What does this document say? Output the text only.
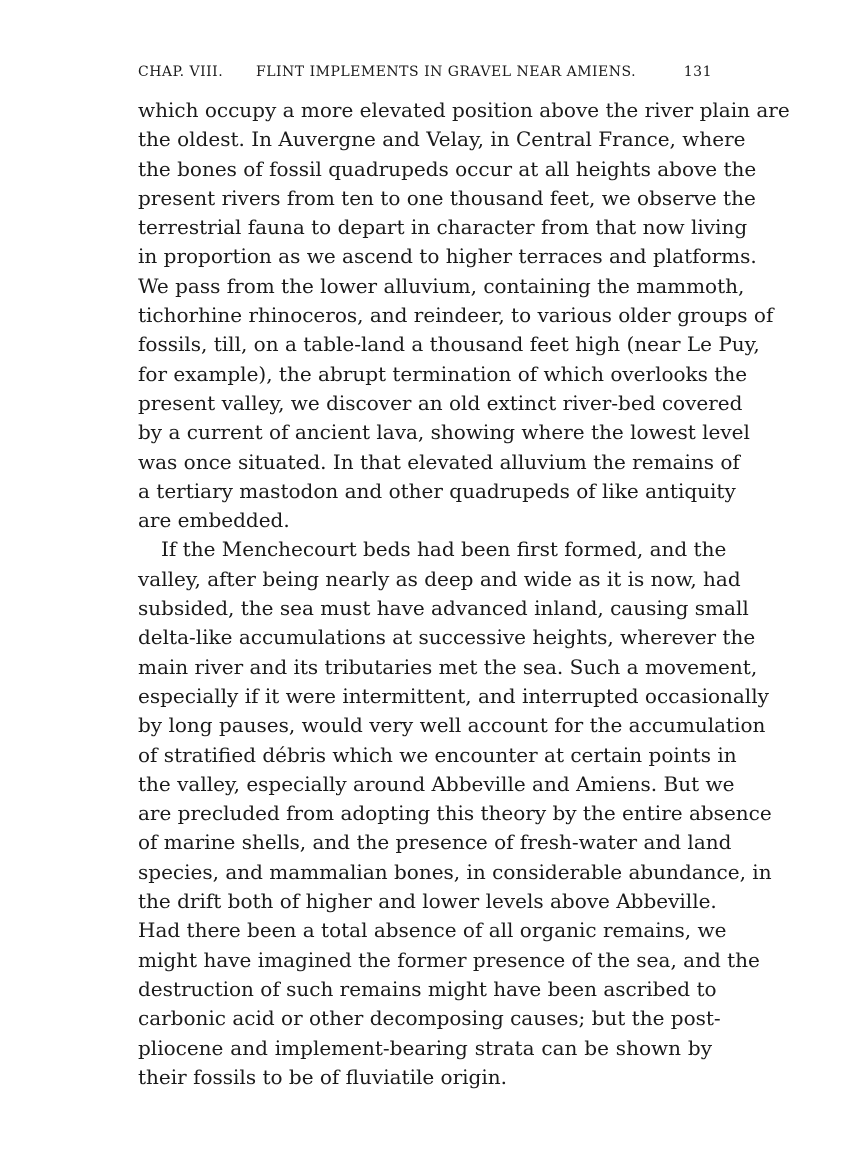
CHAP. VIII. FLINT IMPLEMENTS IN GRAVEL NEAR AMIENS.	131
which occupy a more elevated position above the river plain are
the oldest. In Auvergne and Velay, in Central France, where
the bones of fossil quadrupeds occur at all heights above the
present rivers from ten to one thousand feet, we observe the
terrestrial fauna to depart in character from that now living
in proportion as we ascend to higher terraces and platforms.
We pass from the lower alluvium, containing the mammoth,
tichorhine rhinoceros, and reindeer, to various older groups of
fossils, till, on a table-land a thousand feet high (near Le Puy,
for example), the abrupt termination of which overlooks the
present valley, we discover an old extinct river-bed covered
by a current of ancient lava, showing where the lowest level
was once situated. In that elevated alluvium the remains of
a tertiary mastodon and other quadrupeds of like antiquity
are embedded.
If the Menchecourt beds had been first formed, and the
valley, after being nearly as deep and wide as it is now, had
subsided, the sea must have advanced inland, causing small
delta-like accumulations at successive heights, wherever the
main river and its tributaries met the sea. Such a movement,
especially if it were intermittent, and interrupted occasionally
by long pauses, would very well account for the accumulation
of stratified débris which we encounter at certain points in
the valley, especially around Abbeville and Amiens. But we
are precluded from adopting this theory by the entire absence
of marine shells, and the presence of fresh-water and land
species, and mammalian bones, in considerable abundance, in
the drift both of higher and lower levels above Abbeville.
Had there been a total absence of all organic remains, we
might have imagined the former presence of the sea, and the
destruction of such remains might have been ascribed to
carbonic acid or other decomposing causes; but the post-
pliocene and implement-bearing strata can be shown by
their fossils to be of fluviatile origin.
